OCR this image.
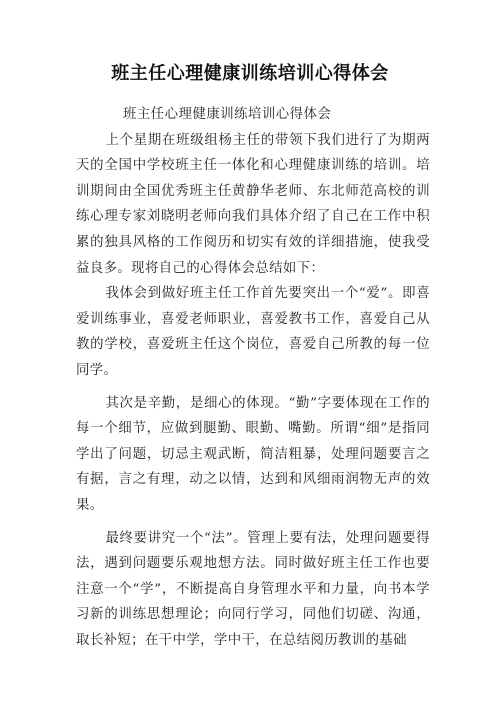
班主任心理健康训练培训心得体会

班主任心理健康训练培训心得体会

上个星期在班级组杨主任的带领下我们进行了为期两天的全国中学校班主任一体化和心理健康训练的培训。培训期间由全国优秀班主任黄静华老师、东北师范高校的训练心理专家刘晓明老师向我们具体介绍了自己在工作中积累的独具风格的工作阅历和切实有效的详细措施，使我受益良多。现将自己的心得体会总结如下：

我体会到做好班主任工作首先要突出一个“爱”。即喜爱训练事业，喜爱老师职业，喜爱教书工作，喜爱自己从教的学校，喜爱班主任这个岗位，喜爱自己所教的每一位同学。

其次是辛勤，是细心的体现。“勤”字要体现在工作的每一个细节，应做到腿勤、眼勤、嘴勤。所谓“细”是指同学出了问题，切忌主观武断，简洁粗暴，处理问题要言之有据，言之有理，动之以情，达到和风细雨润物无声的效果。

最终要讲究一个“法”。管理上要有法，处理问题要得法，遇到问题要乐观地想方法。同时做好班主任工作也要注意一个“学”，不断提高自身管理水平和力量，向书本学习新的训练思想理论；向同行学习，同他们切磋、沟通，取长补短；在干中学，学中干，在总结阅历教训的基础
